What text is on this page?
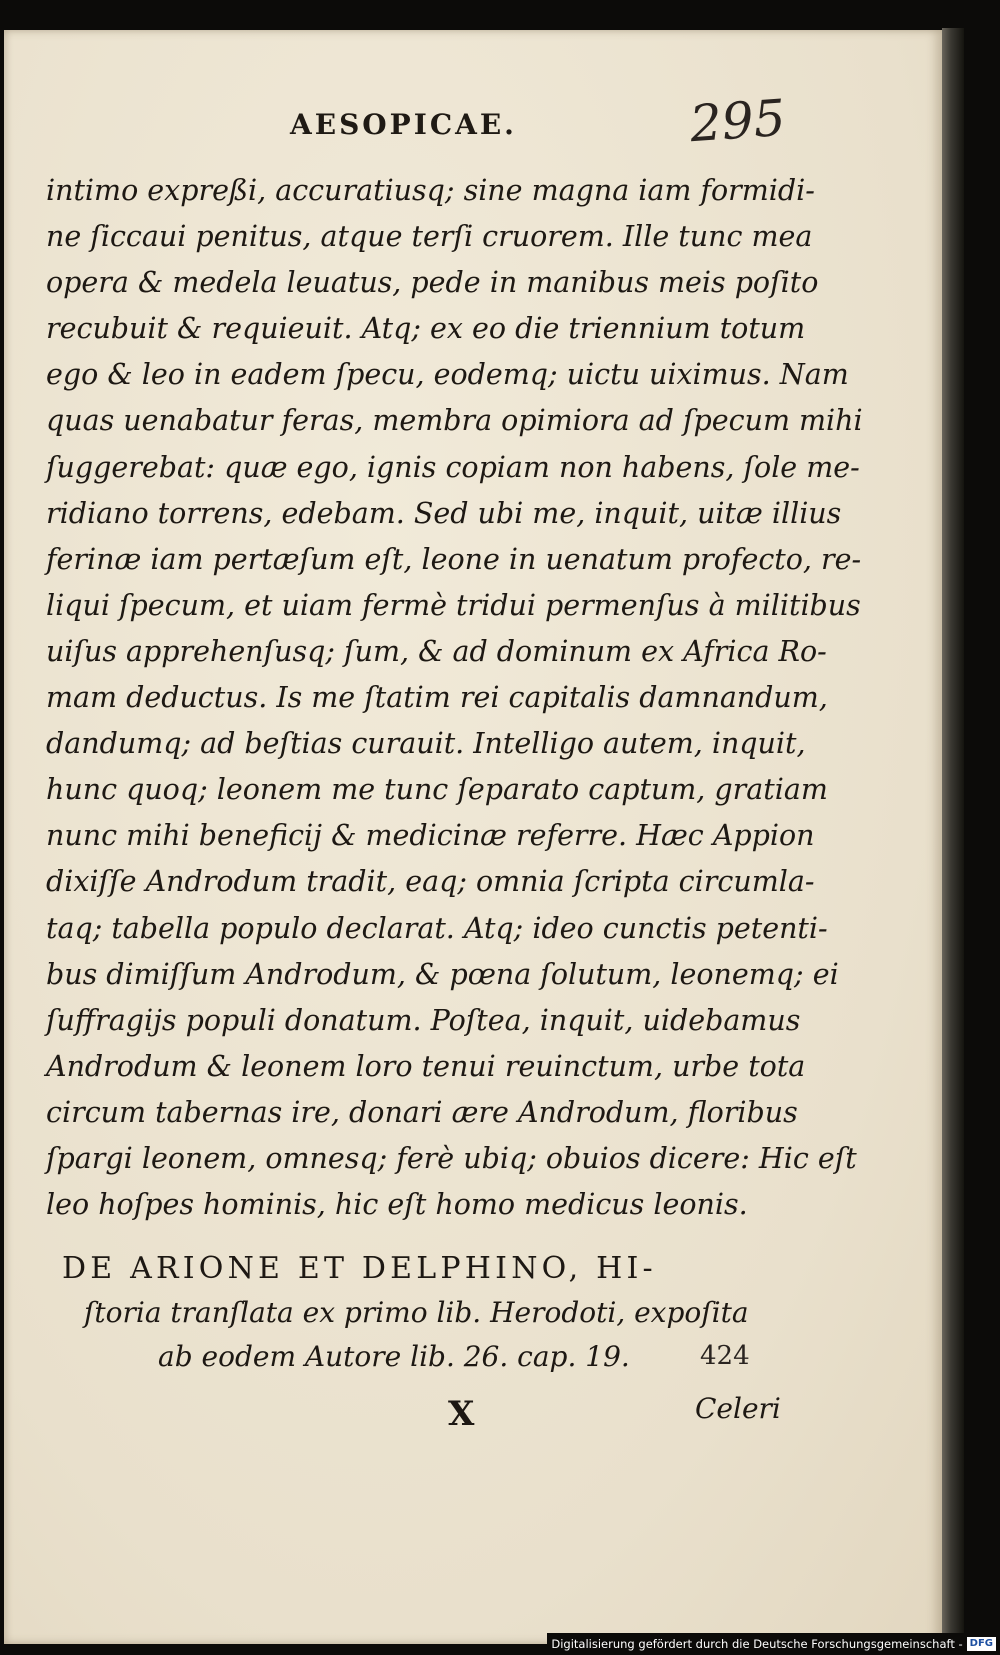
AESOPICAE.	295
intimo expreßi, accuratiusq; sine magna iam formidi-
ne ſiccaui penitus, atque terſi cruorem. Ille tunc mea
opera & medela leuatus, pede in manibus meis poſito
recubuit & requieuit. Atq; ex eo die triennium totum
ego & leo in eadem ſpecu, eodemq; uictu uiximus. Nam
quas uenabatur feras, membra opimiora ad ſpecum mihi
ſuggerebat: quæ ego, ignis copiam non habens, ſole me-
ridiano torrens, edebam. Sed ubi me, inquit, uitæ illius
ferinæ iam pertæſum eſt, leone in uenatum profecto, re-
liqui ſpecum, et uiam fermè tridui permenſus à militibus
uiſus apprehenſusq; ſum, & ad dominum ex Africa Ro-
mam deductus. Is me ſtatim rei capitalis damnandum,
dandumq; ad beſtias curauit. Intelligo autem, inquit,
hunc quoq; leonem me tunc ſeparato captum, gratiam
nunc mihi beneficij & medicinæ referre. Hæc Appion
dixiſſe Androdum tradit, eaq; omnia ſcripta circumla-
taq; tabella populo declarat. Atq; ideo cunctis petenti-
bus dimiſſum Androdum, & pœna ſolutum, leonemq; ei
ſuffragijs populi donatum. Poſtea, inquit, uidebamus
Androdum & leonem loro tenui reuinctum, urbe tota
circum tabernas ire, donari ære Androdum, floribus
ſpargi leonem, omnesq; ferè ubiq; obuios dicere: Hic eſt
leo hoſpes hominis, hic eſt homo medicus leonis.
DE ARIONE ET DELPHINO, HI-
ſtoria tranſlata ex primo lib. Herodoti, expoſita
ab eodem Autore lib. 26. cap. 19.	424
X	Celeri
Digitalisierung gefördert durch die Deutsche Forschungsgemeinschaft - DFG
